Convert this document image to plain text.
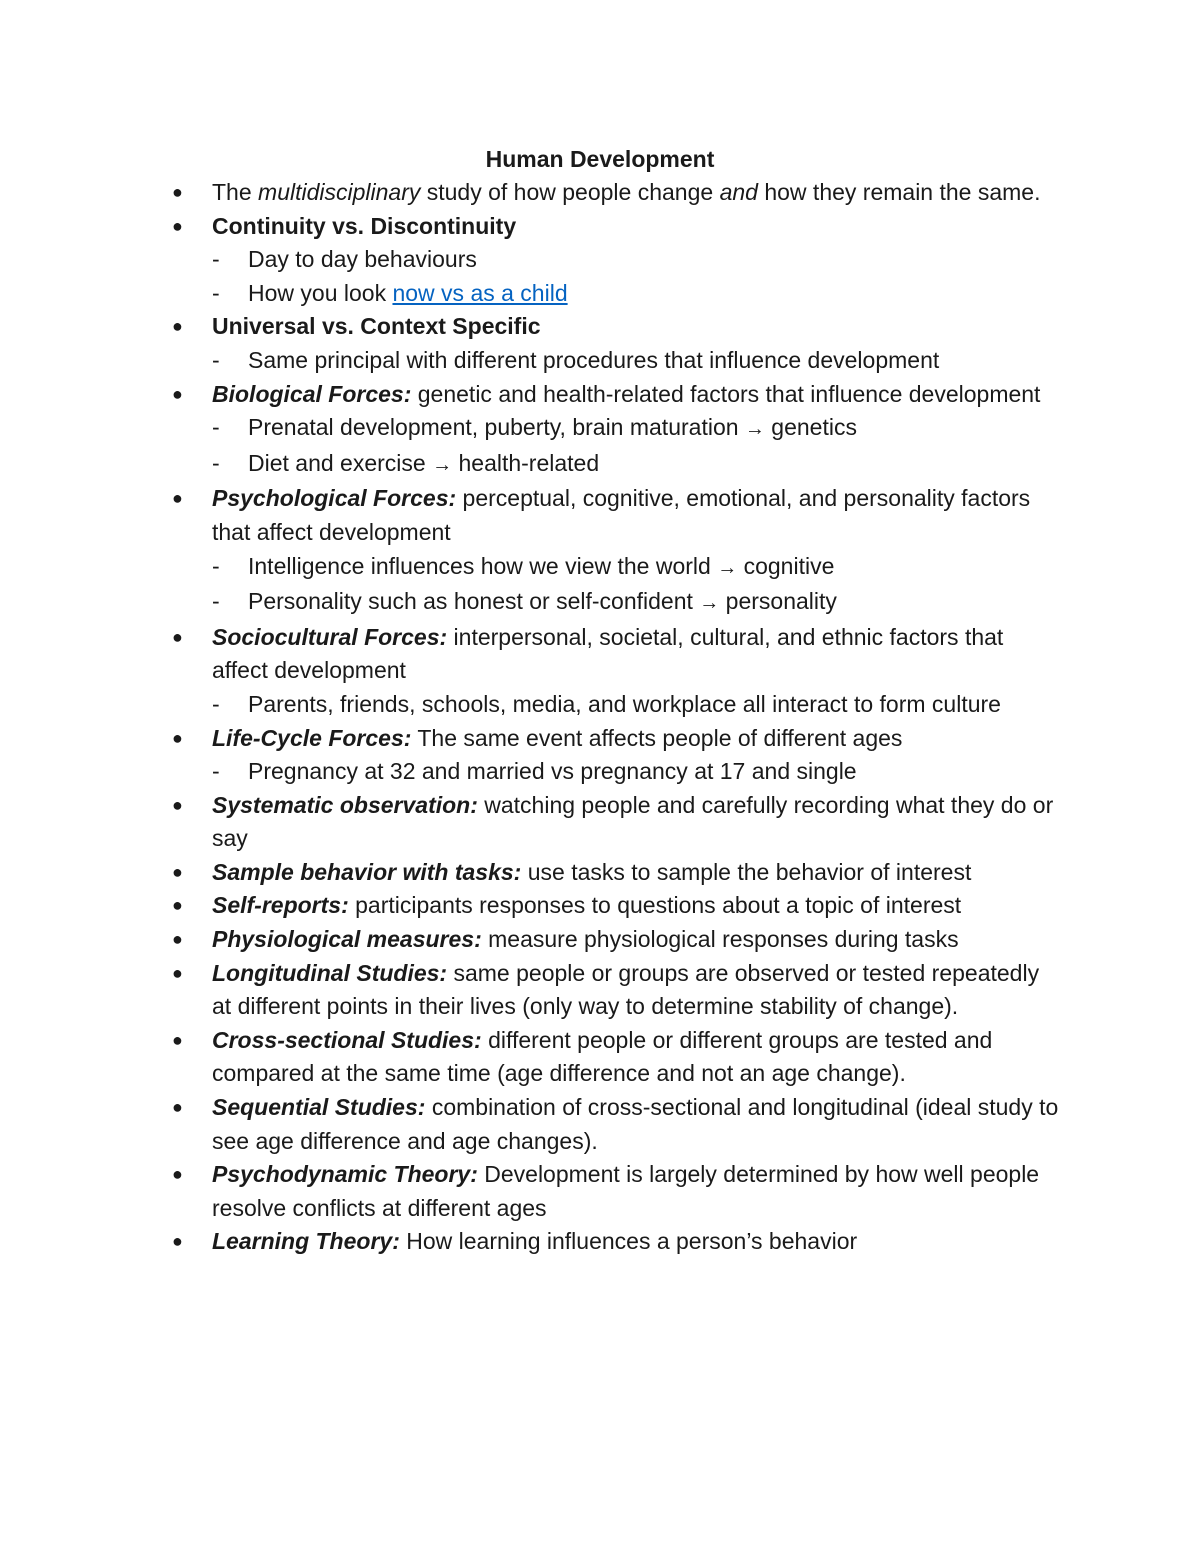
Human Development
●	The multidisciplinary study of how people change and how they remain the same.
●	Continuity vs. Discontinuity
-	Day to day behaviours
-	How you look now vs as a child
●	Universal vs. Context Specific
-	Same principal with different procedures that influence development
●	Biological Forces: genetic and health-related factors that influence development
-	Prenatal development, puberty, brain maturation → genetics
-	Diet and exercise → health-related
●	Psychological Forces: perceptual, cognitive, emotional, and personality factors that affect development
-	Intelligence influences how we view the world → cognitive
-	Personality such as honest or self-confident → personality
●	Sociocultural Forces: interpersonal, societal, cultural, and ethnic factors that affect development
-	Parents, friends, schools, media, and workplace all interact to form culture
●	Life-Cycle Forces: The same event affects people of different ages
-	Pregnancy at 32 and married vs pregnancy at 17 and single
●	Systematic observation: watching people and carefully recording what they do or say
●	Sample behavior with tasks: use tasks to sample the behavior of interest
●	Self-reports: participants responses to questions about a topic of interest
●	Physiological measures: measure physiological responses during tasks
●	Longitudinal Studies: same people or groups are observed or tested repeatedly at different points in their lives (only way to determine stability of change).
●	Cross-sectional Studies: different people or different groups are tested and compared at the same time (age difference and not an age change).
●	Sequential Studies: combination of cross-sectional and longitudinal (ideal study to see age difference and age changes).
●	Psychodynamic Theory: Development is largely determined by how well people resolve conflicts at different ages
●	Learning Theory: How learning influences a person’s behavior
